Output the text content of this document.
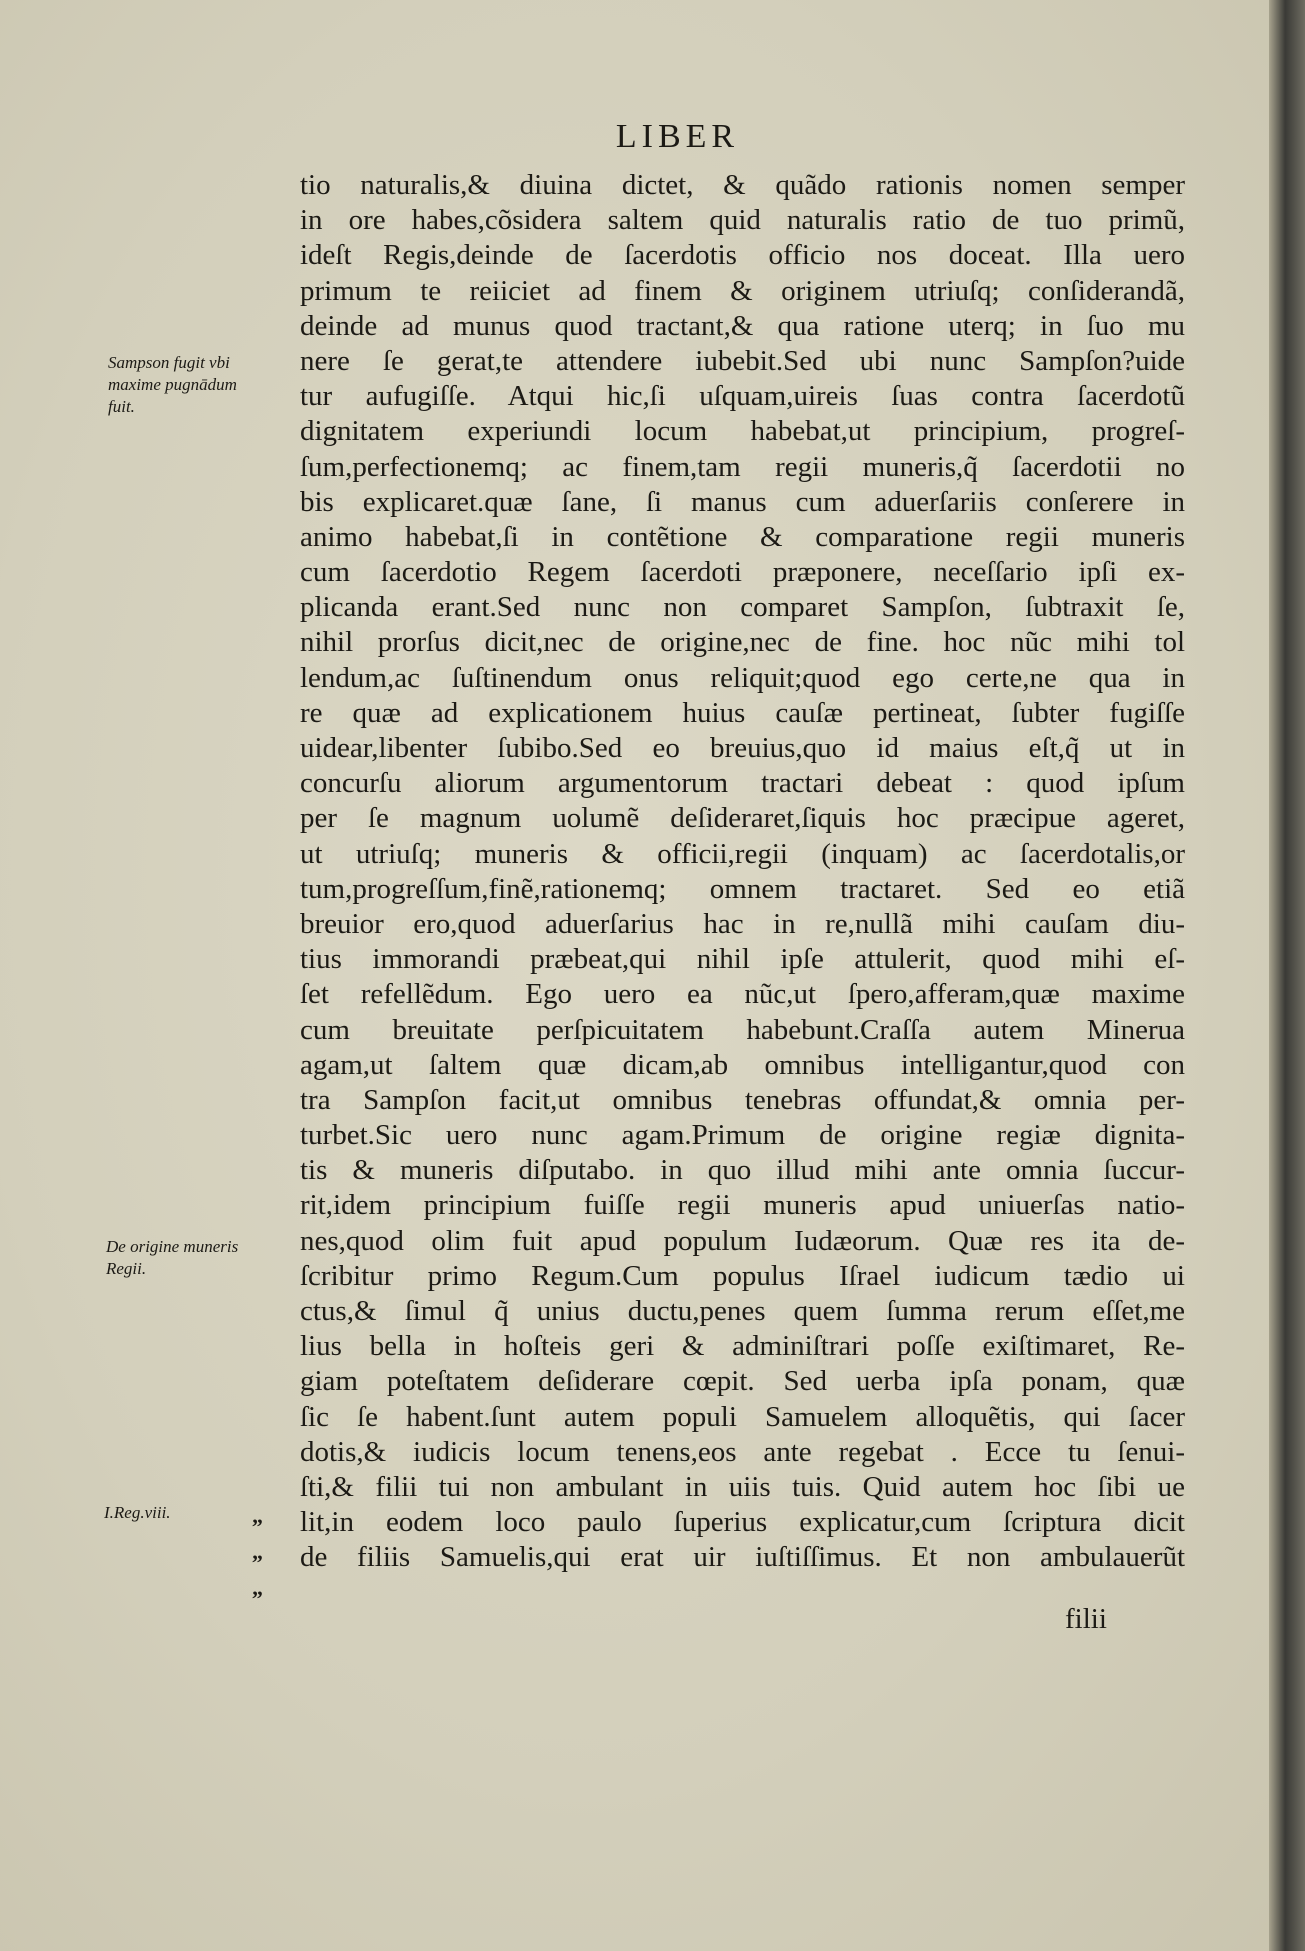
LIBER
Sampson fugit vbi
maxime pugnādum
fuit.
De origine muneris
Regii.
I.Reg.viii.	„
„
„
tio naturalis,& diuina dictet, & quãdo rationis nomen semper
in ore habes,cõsidera saltem quid naturalis ratio de tuo primũ,
ideſt Regis,deinde de ſacerdotis officio nos doceat. Illa uero
primum te reiiciet ad finem & originem utriuſq; conſiderandã,
deinde ad munus quod tractant,& qua ratione uterq; in ſuo mu
nere ſe gerat,te attendere iubebit.Sed ubi nunc Sampſon?uide
tur aufugiſſe. Atqui hic,ſi uſquam,uireis ſuas contra ſacerdotũ
dignitatem experiundi locum habebat,ut principium, progreſ-
ſum,perfectionemq; ac finem,tam regii muneris,q̃ ſacerdotii no
bis explicaret.quæ ſane, ſi manus cum aduerſariis conſerere in
animo habebat,ſi in contẽtione & comparatione regii muneris
cum ſacerdotio Regem ſacerdoti præponere, neceſſario ipſi ex-
plicanda erant.Sed nunc non comparet Sampſon, ſubtraxit ſe,
nihil prorſus dicit,nec de origine,nec de fine. hoc nũc mihi tol
lendum,ac ſuſtinendum onus reliquit;quod ego certe,ne qua in
re quæ ad explicationem huius cauſæ pertineat, ſubter fugiſſe
uidear,libenter ſubibo.Sed eo breuius,quo id maius eſt,q̃ ut in
concurſu aliorum argumentorum tractari debeat : quod ipſum
per ſe magnum uolumẽ deſideraret,ſiquis hoc præcipue ageret,
ut utriuſq; muneris & officii,regii (inquam) ac ſacerdotalis,or
tum,progreſſum,finẽ,rationemq; omnem tractaret. Sed eo etiã
breuior ero,quod aduerſarius hac in re,nullã mihi cauſam diu-
tius immorandi præbeat,qui nihil ipſe attulerit, quod mihi eſ-
ſet refellẽdum. Ego uero ea nũc,ut ſpero,afferam,quæ maxime
cum breuitate perſpicuitatem habebunt.Craſſa autem Minerua
agam,ut ſaltem quæ dicam,ab omnibus intelligantur,quod con
tra Sampſon facit,ut omnibus tenebras offundat,& omnia per-
turbet.Sic uero nunc agam.Primum de origine regiæ dignita-
tis & muneris diſputabo. in quo illud mihi ante omnia ſuccur-
rit,idem principium fuiſſe regii muneris apud uniuerſas natio-
nes,quod olim fuit apud populum Iudæorum. Quæ res ita de-
ſcribitur primo Regum.Cum populus Iſrael iudicum tædio ui
ctus,& ſimul q̃ unius ductu,penes quem ſumma rerum eſſet,me
lius bella in hoſteis geri & adminiſtrari poſſe exiſtimaret, Re-
giam poteſtatem deſiderare cœpit. Sed uerba ipſa ponam, quæ
ſic ſe habent.ſunt autem populi Samuelem alloquẽtis, qui ſacer
dotis,& iudicis locum tenens,eos ante regebat . Ecce tu ſenui-
ſti,& filii tui non ambulant in uiis tuis. Quid autem hoc ſibi ue
lit,in eodem loco paulo ſuperius explicatur,cum ſcriptura dicit
de filiis Samuelis,qui erat uir iuſtiſſimus. Et non ambulauerũt
filii
